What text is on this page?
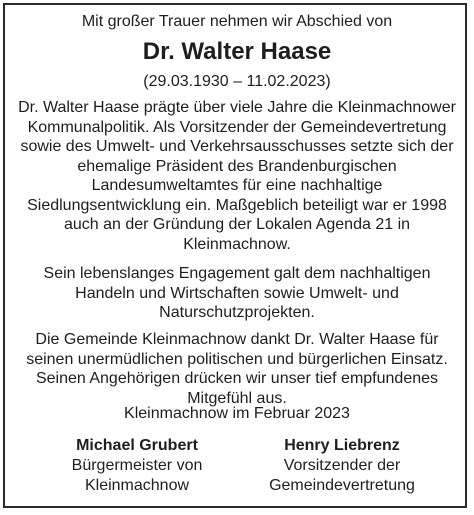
Mit großer Trauer nehmen wir Abschied von
Dr. Walter Haase
(29.03.1930 – 11.02.2023)
Dr. Walter Haase prägte über viele Jahre die Kleinmachnower Kommunalpolitik. Als Vorsitzender der Gemeindevertretung sowie des Umwelt- und Verkehrsausschusses setzte sich der ehemalige Präsident des Brandenburgischen Landesumweltamtes für eine nachhaltige Siedlungsentwicklung ein. Maßgeblich beteiligt war er 1998 auch an der Gründung der Lokalen Agenda 21 in Kleinmachnow.
Sein lebenslanges Engagement galt dem nachhaltigen Handeln und Wirtschaften sowie Umwelt- und Naturschutzprojekten.
Die Gemeinde Kleinmachnow dankt Dr. Walter Haase für seinen unermüdlichen politischen und bürgerlichen Einsatz. Seinen Angehörigen drücken wir unser tief empfundenes Mitgefühl aus.
Kleinmachnow im Februar 2023
Michael Grubert
Bürgermeister von
Kleinmachnow
Henry Liebrenz
Vorsitzender der
Gemeindevertretung
